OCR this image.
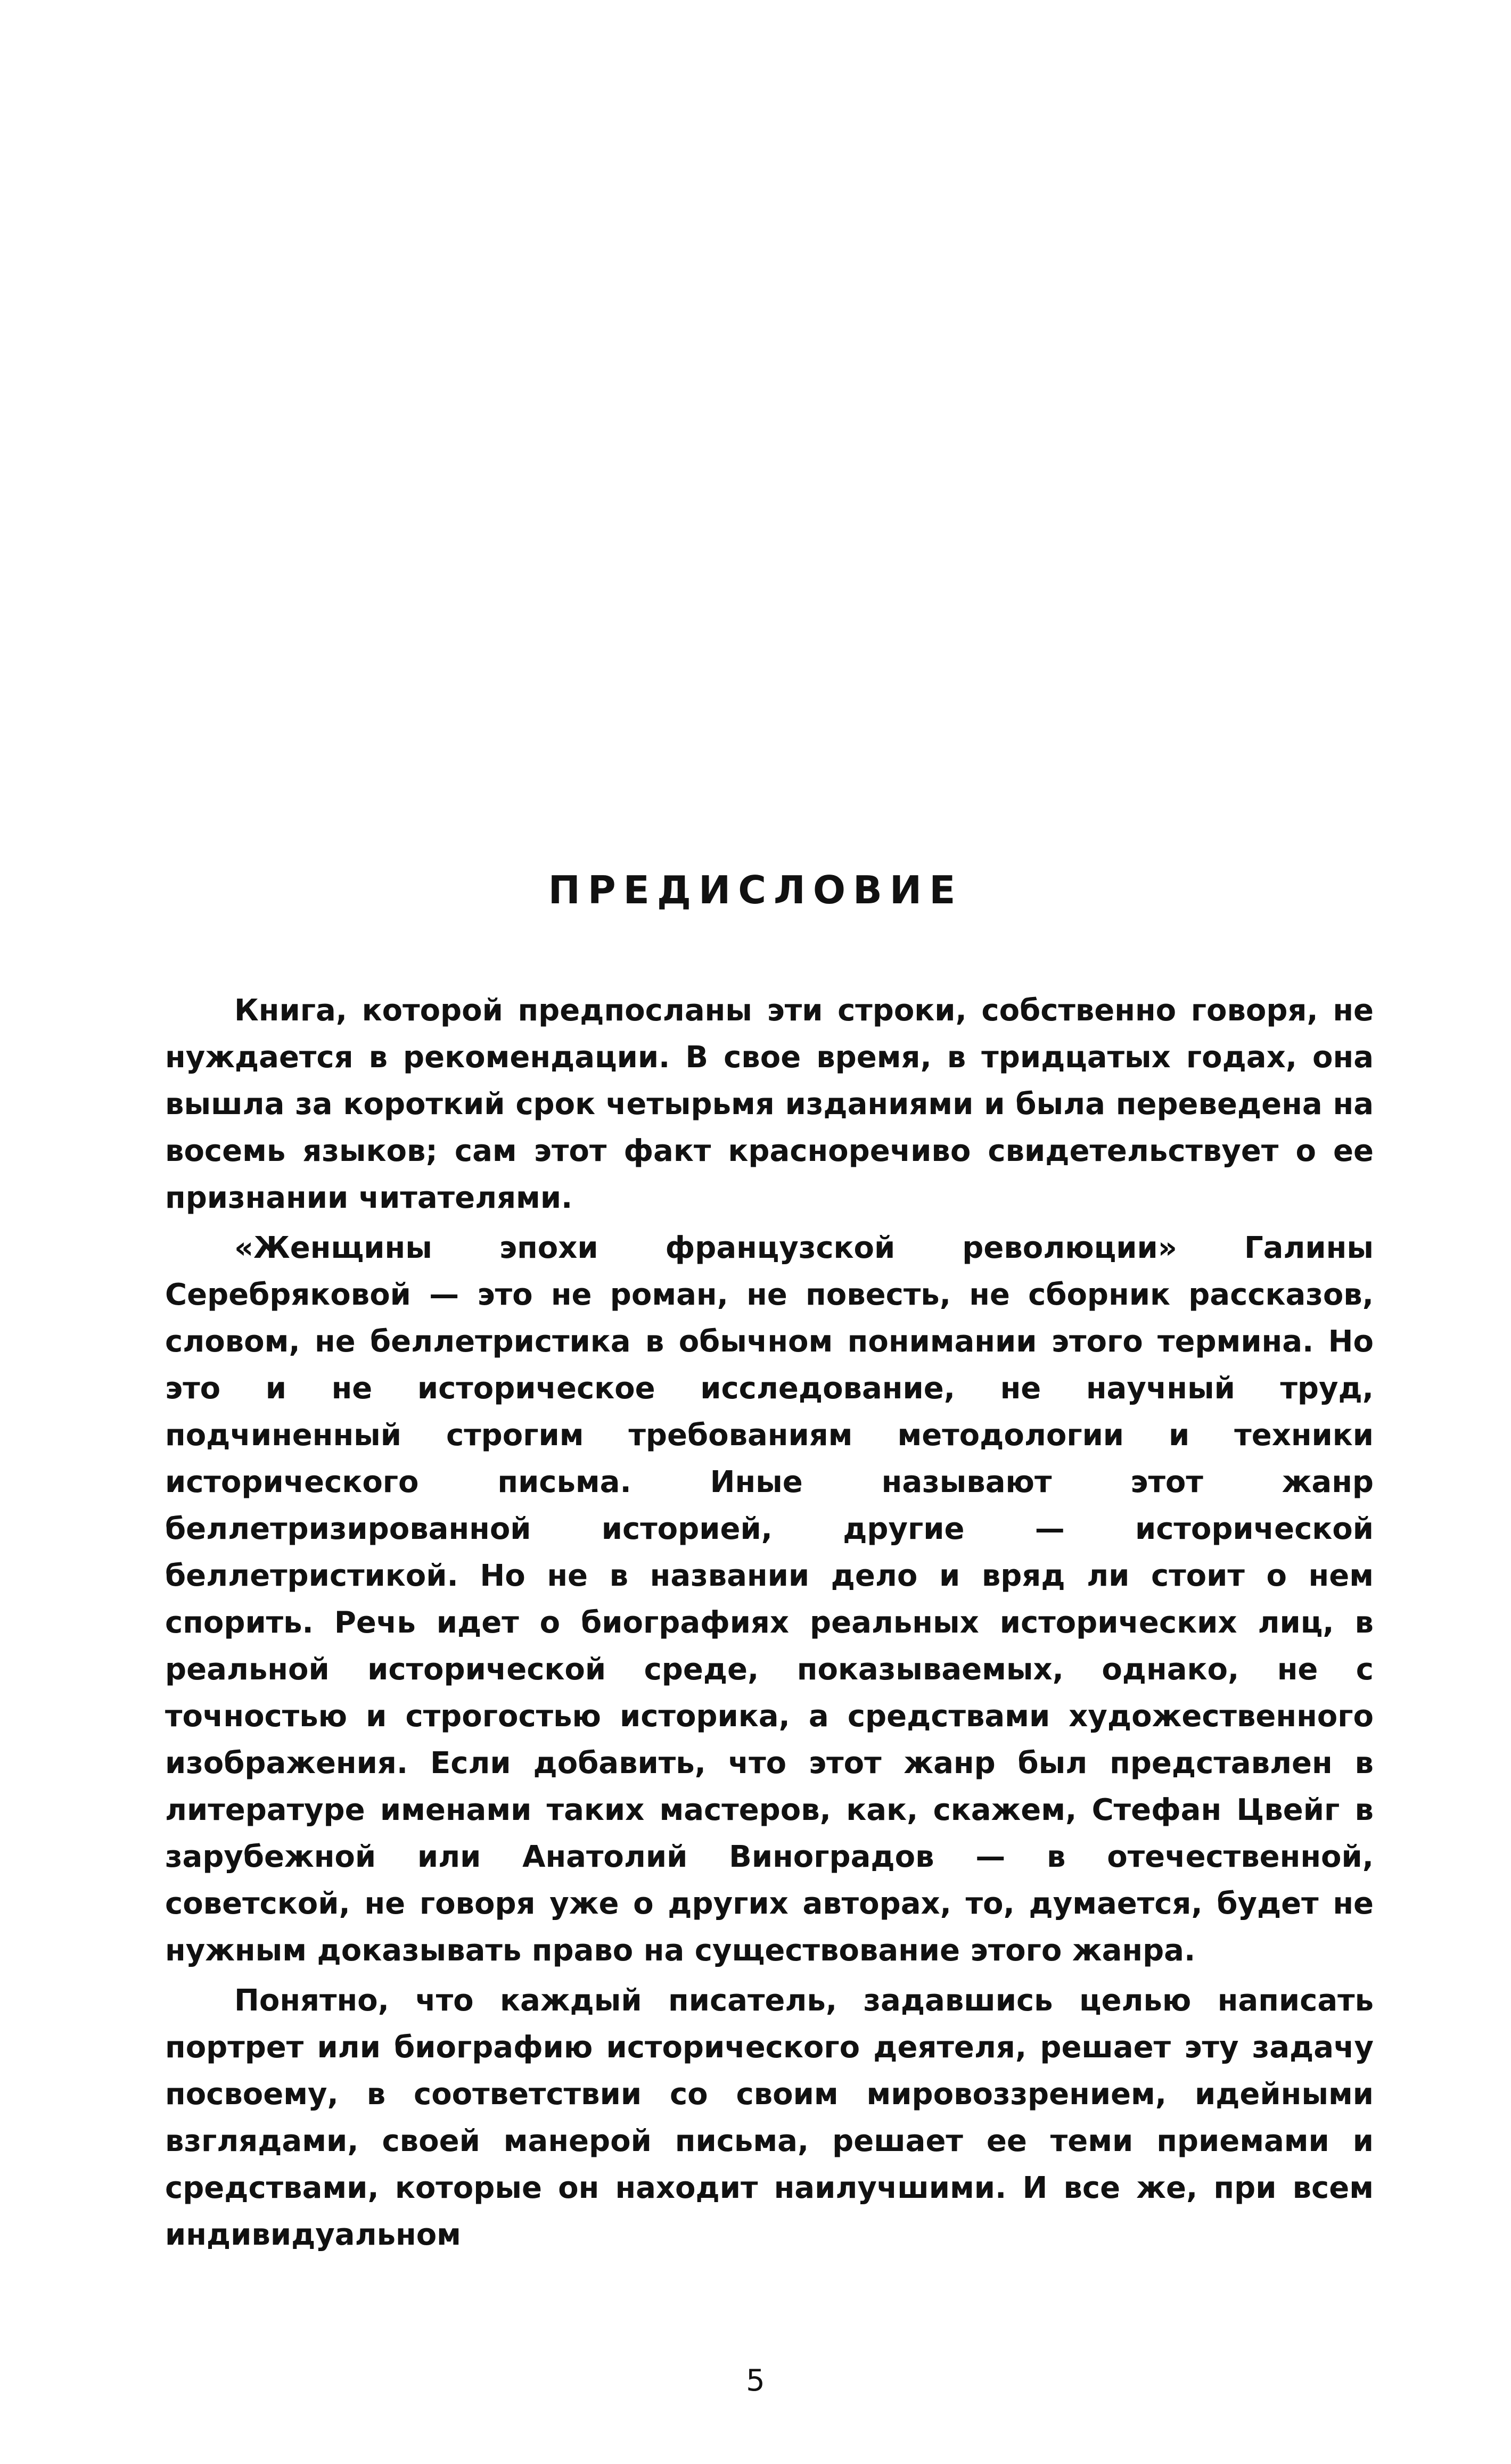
ПРЕДИСЛОВИЕ

Книга, которой предпосланы эти строки, собственно говоря, не нуждается в рекомендации. В свое время, в тридцатых годах, она вышла за короткий срок четырьмя изданиями и была переведена на восемь языков; сам этот факт красноречиво свидетельствует о ее признании читателями.

«Женщины эпохи французской революции» Галины Серебряковой — это не роман, не повесть, не сборник рассказов, словом, не беллетристика в обычном понимании этого термина. Но это и не историческое исследование, не научный труд, подчиненный строгим требованиям методологии и техники исторического письма. Иные называют этот жанр беллетризированной историей, другие — исторической беллетристикой. Но не в названии дело и вряд ли стоит о нем спорить. Речь идет о биографиях реальных исторических лиц, в реальной исторической среде, показываемых, однако, не с точностью и строгостью историка, а средствами художественного изображения. Если добавить, что этот жанр был представлен в литературе именами таких мастеров, как, скажем, Стефан Цвейг в зарубежной или Анатолий Виноградов — в отечественной, советской, не говоря уже о других авторах, то, думается, будет не нужным доказывать право на существование этого жанра.

Понятно, что каждый писатель, задавшись целью написать портрет или биографию исторического деятеля, решает эту задачу посвоему, в соответствии со своим мировоззрением, идейными взглядами, своей манерой письма, решает ее теми приемами и средствами, которые он находит наилучшими. И все же, при всем индивидуальном

5
